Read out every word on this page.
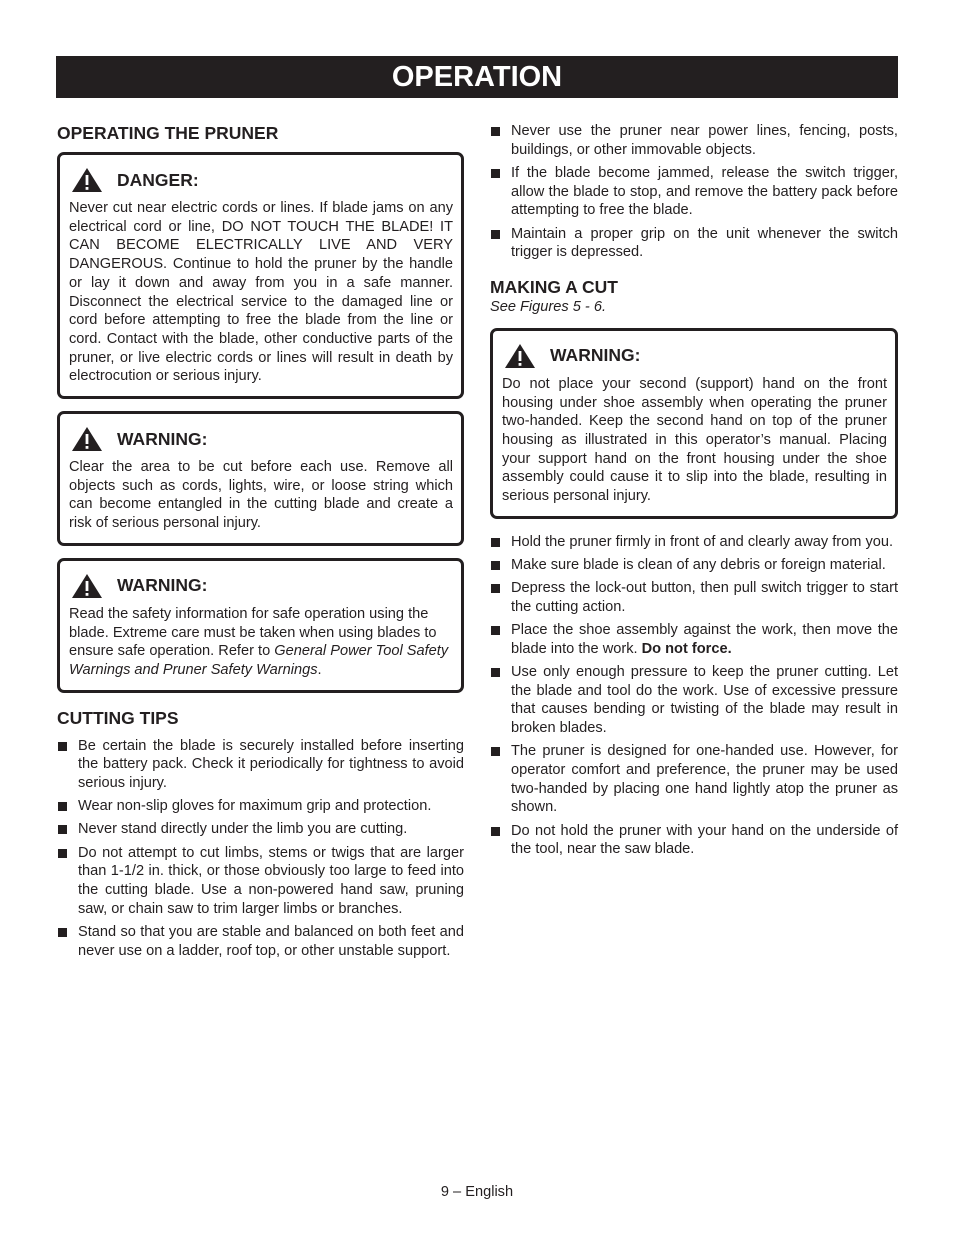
OPERATION
OPERATING THE PRUNER
DANGER:

Never cut near electric cords or lines. If blade jams on any electrical cord or line, DO NOT TOUCH THE BLADE! IT CAN BECOME ELECTRICALLY LIVE AND VERY DANGEROUS. Continue to hold the pruner by the handle or lay it down and away from you in a safe manner. Disconnect the electrical service to the damaged line or cord before attempting to free the blade from the line or cord. Contact with the blade, other conductive parts of the pruner, or live electric cords or lines will result in death by electrocution or serious injury.

WARNING:

Clear the area to be cut before each use. Remove all objects such as cords, lights, wire, or loose string which can become entangled in the cutting blade and create a risk of serious personal injury.

WARNING:

Read the safety information for safe operation using the blade. Extreme care must be taken when using blades to ensure safe operation. Refer to General Power Tool Safety Warnings and Pruner Safety Warnings.

CUTTING TIPS
Be certain the blade is securely installed before inserting the battery pack. Check it periodically for tightness to avoid serious injury.
Wear non-slip gloves for maximum grip and protection.
Never stand directly under the limb you are cutting.
Do not attempt to cut limbs, stems or twigs that are larger than 1-1/2 in. thick, or those obviously too large to feed into the cutting blade. Use a non-powered hand saw, pruning saw, or chain saw to trim larger limbs or branches.
Stand so that you are stable and balanced on both feet and never use on a ladder, roof top, or other unstable support.
Never use the pruner near power lines, fencing, posts, buildings, or other immovable objects.
If the blade become jammed, release the switch trigger, allow the blade to stop, and remove the battery pack before attempting to free the blade.
Maintain a proper grip on the unit whenever the switch trigger is depressed.
MAKING A CUT
See Figures 5 - 6.
WARNING:

Do not place your second (support) hand on the front housing under shoe assembly when operating the pruner two-handed. Keep the second hand on top of the pruner housing as illustrated in this operator’s manual. Placing your support hand on the front housing under the shoe assembly could cause it to slip into the blade, resulting in serious personal injury.

Hold the pruner firmly in front of and clearly away from you.
Make sure blade is clean of any debris or foreign material.
Depress the lock-out button, then pull switch trigger to start the cutting action.
Place the shoe assembly against the work, then move the blade into the work. Do not force.
Use only enough pressure to keep the pruner cutting. Let the blade and tool do the work. Use of excessive pressure that causes bending or twisting of the blade may result in broken blades.
The pruner is designed for one-handed use. However, for operator comfort and preference, the pruner may be used two-handed by placing one hand lightly atop the pruner as shown.
Do not hold the pruner with your hand on the underside of the tool, near the saw blade.
9 – English
